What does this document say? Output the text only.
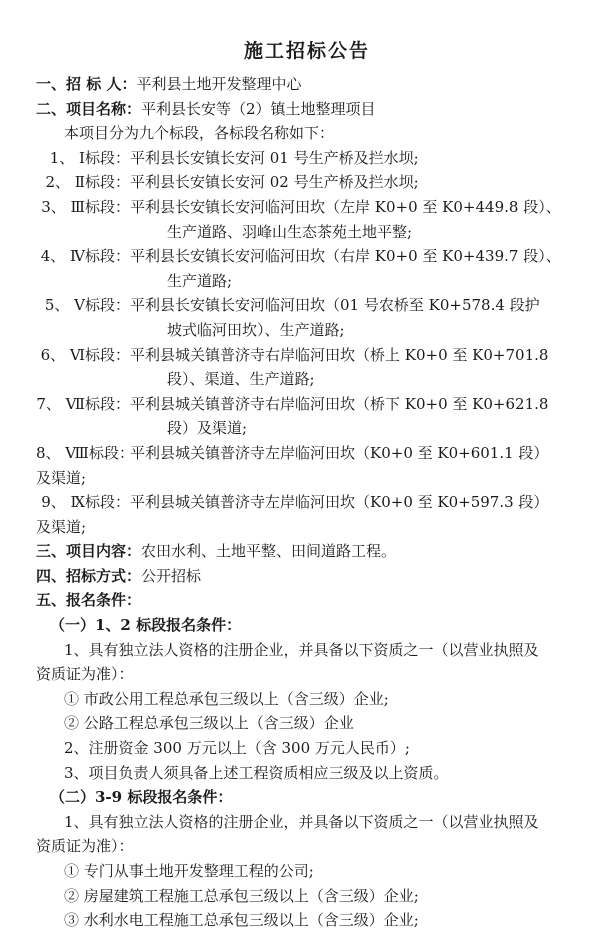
施工招标公告
一、招 标 人：平利县土地开发整理中心
二、项目名称：平利县长安等（2）镇土地整理项目
本项目分为九个标段，各标段名称如下：
1、 Ⅰ标段：平利县长安镇长安河 01 号生产桥及拦水坝;
2、 Ⅱ标段：平利县长安镇长安河 02 号生产桥及拦水坝;
3、 Ⅲ标段：平利县长安镇长安河临河田坎（左岸 K0+0 至 K0+449.8 段）、
生产道路、羽峰山生态茶苑土地平整;
4、 Ⅳ标段：平利县长安镇长安河临河田坎（右岸 K0+0 至 K0+439.7 段）、
生产道路;
5、 Ⅴ标段：平利县长安镇长安河临河田坎（01 号农桥至 K0+578.4 段护
坡式临河田坎）、生产道路;
6、 Ⅵ标段：平利县城关镇普济寺右岸临河田坎（桥上 K0+0 至 K0+701.8
段）、渠道、生产道路;
7、 Ⅶ标段：平利县城关镇普济寺右岸临河田坎（桥下 K0+0 至 K0+621.8
段）及渠道;
8、 Ⅷ标段：平利县城关镇普济寺左岸临河田坎（K0+0 至 K0+601.1 段）
及渠道;
9、 Ⅸ标段：平利县城关镇普济寺左岸临河田坎（K0+0 至 K0+597.3 段）
及渠道;
三、项目内容：农田水利、土地平整、田间道路工程。
四、招标方式：公开招标
五、报名条件：
（一）1、2 标段报名条件：
1、具有独立法人资格的注册企业，并具备以下资质之一（以营业执照及
资质证为准）：
① 市政公用工程总承包三级以上（含三级）企业;
② 公路工程总承包三级以上（含三级）企业
2、注册资金 300 万元以上（含 300 万元人民币）;
3、项目负责人须具备上述工程资质相应三级及以上资质。
（二）3-9 标段报名条件：
1、具有独立法人资格的注册企业，并具备以下资质之一（以营业执照及
资质证为准）：
① 专门从事土地开发整理工程的公司;
② 房屋建筑工程施工总承包三级以上（含三级）企业;
③ 水利水电工程施工总承包三级以上（含三级）企业;
